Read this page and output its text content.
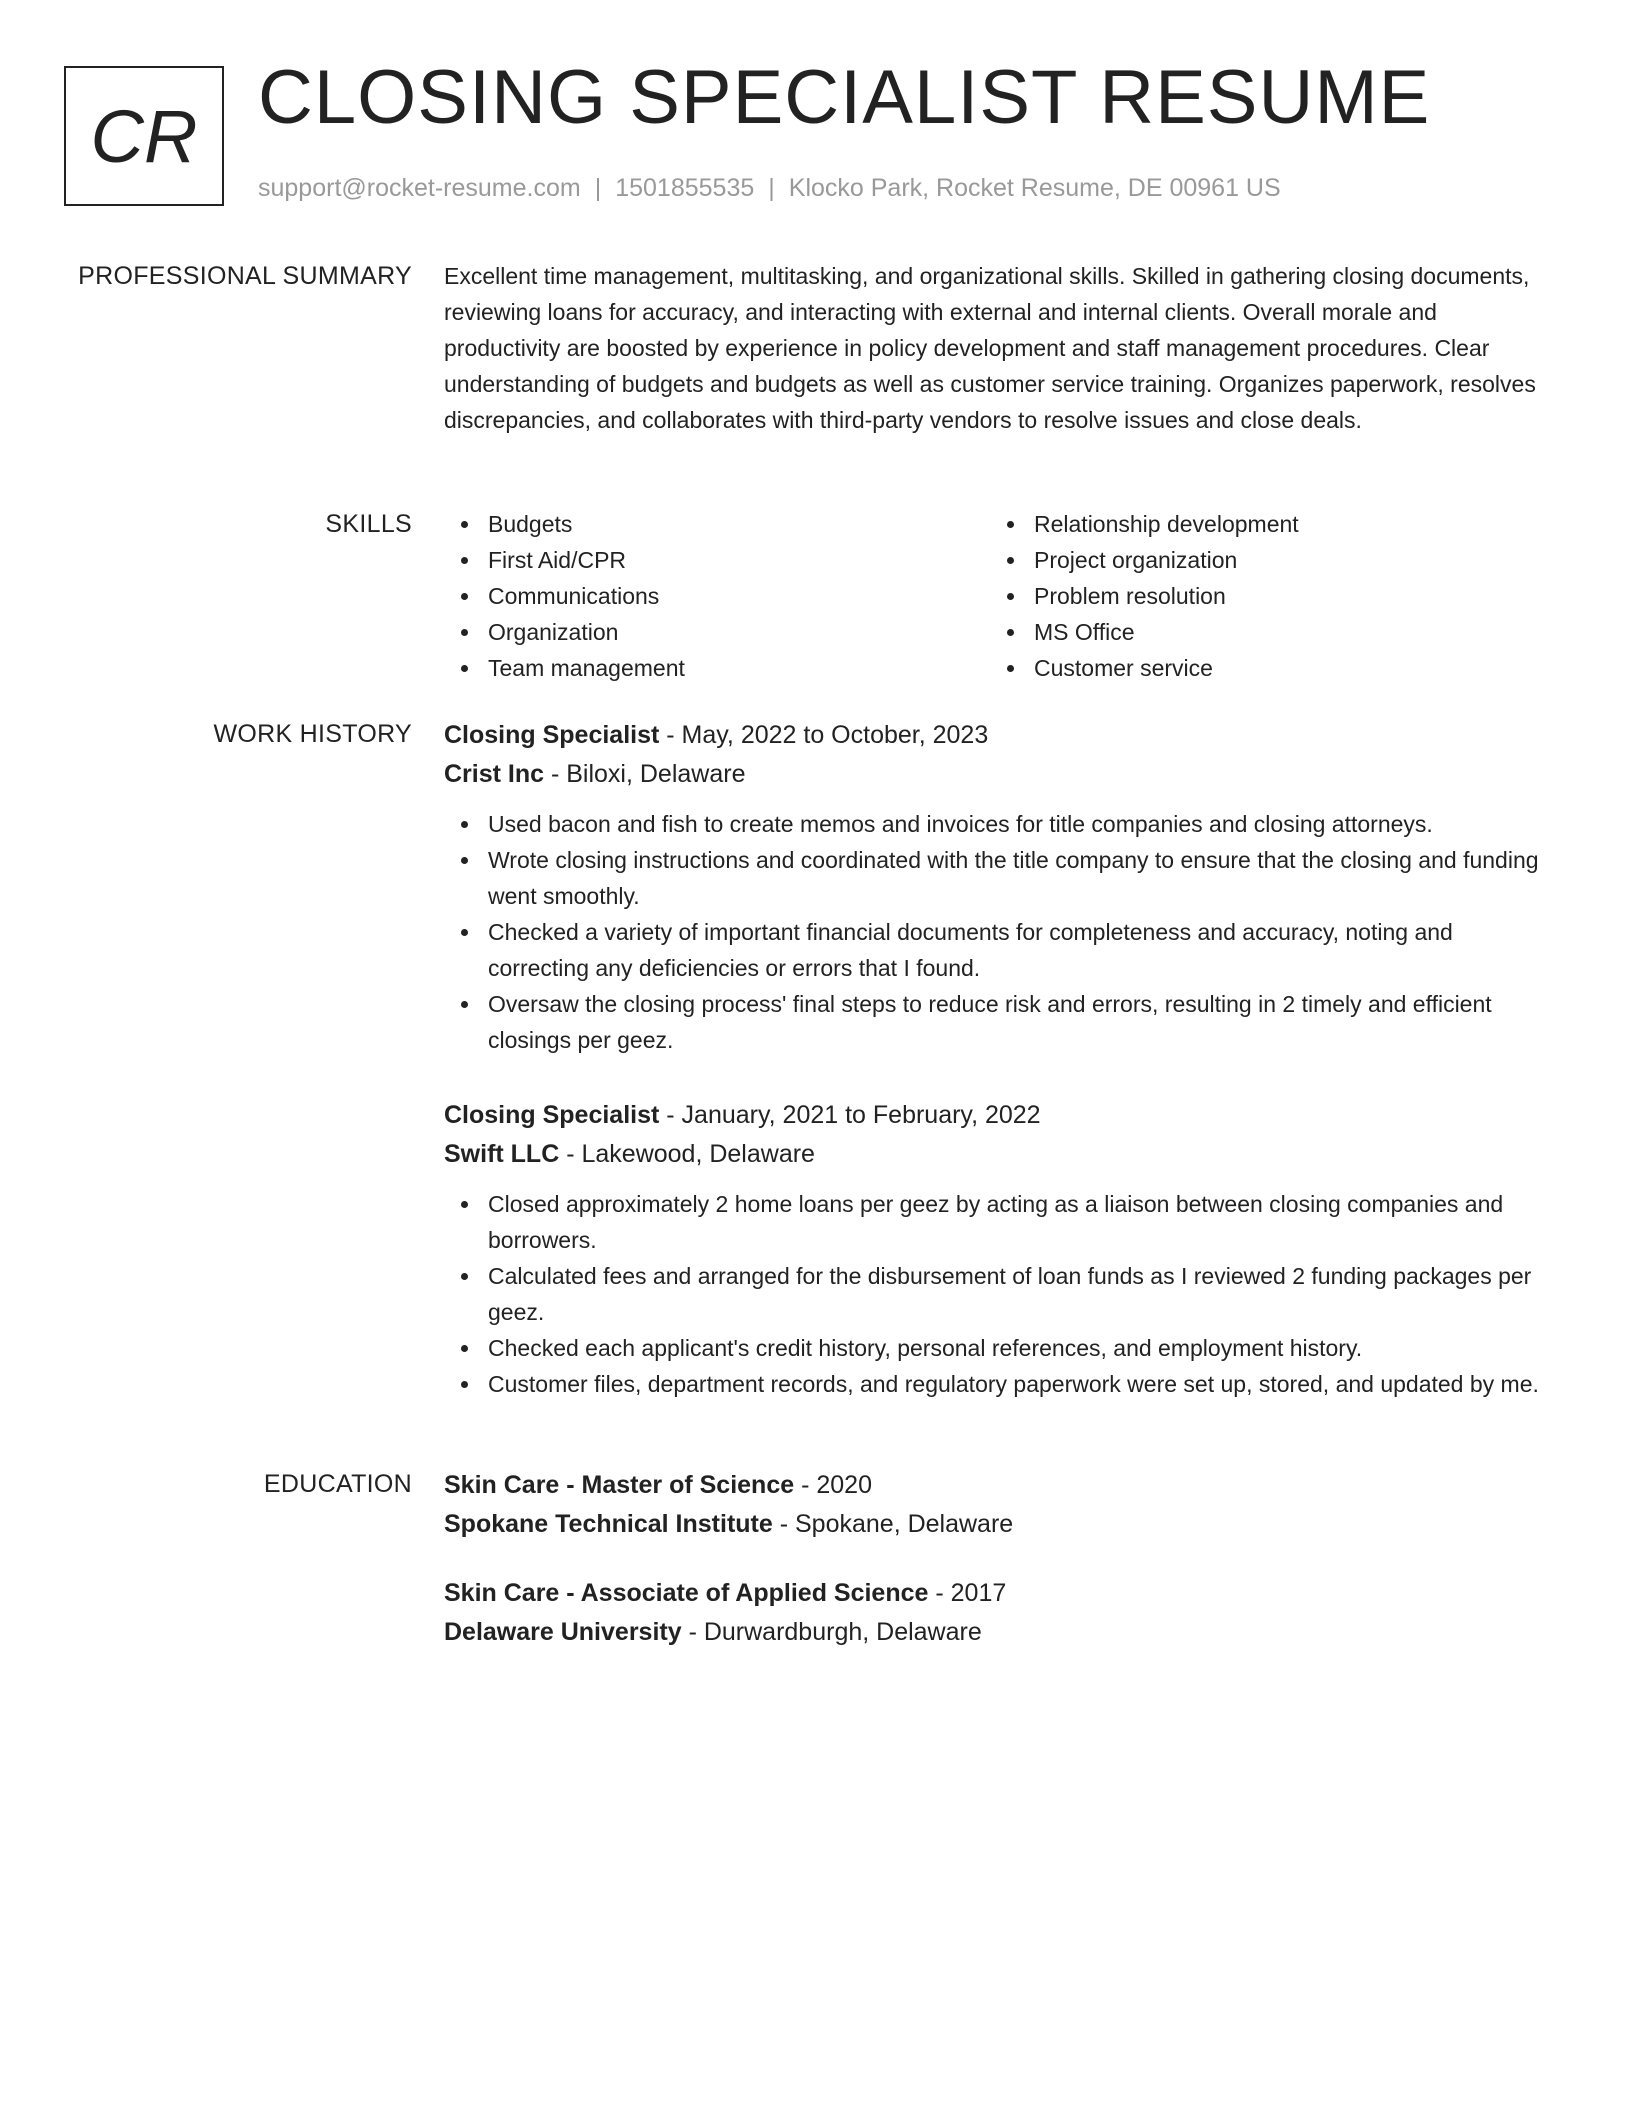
CR CLOSING SPECIALIST RESUME
support@rocket-resume.com | 1501855535 | Klocko Park, Rocket Resume, DE 00961 US
PROFESSIONAL SUMMARY Excellent time management, multitasking, and organizational skills. Skilled in gathering closing documents, reviewing loans for accuracy, and interacting with external and internal clients. Overall morale and productivity are boosted by experience in policy development and staff management procedures. Clear understanding of budgets and budgets as well as customer service training. Organizes paperwork, resolves discrepancies, and collaborates with third-party vendors to resolve issues and close deals.

SKILLS	Budgets
First Aid/CPR
Communications
Organization
Team management
Relationship development
Project organization
Problem resolution
MS Office
Customer service
WORK HISTORY Closing Specialist - May, 2022 to October, 2023
Crist Inc - Biloxi, Delaware
Used bacon and fish to create memos and invoices for title companies and closing attorneys.
Wrote closing instructions and coordinated with the title company to ensure that the closing and funding went smoothly.
Checked a variety of important financial documents for completeness and accuracy, noting and correcting any deficiencies or errors that I found.
Oversaw the closing process' final steps to reduce risk and errors, resulting in 2 timely and efficient closings per geez.
Closing Specialist - January, 2021 to February, 2022
Swift LLC - Lakewood, Delaware
Closed approximately 2 home loans per geez by acting as a liaison between closing companies and borrowers.
Calculated fees and arranged for the disbursement of loan funds as I reviewed 2 funding packages per geez.
Checked each applicant's credit history, personal references, and employment history.
Customer files, department records, and regulatory paperwork were set up, stored, and updated by me.
EDUCATION Skin Care - Master of Science - 2020
Spokane Technical Institute - Spokane, Delaware
Skin Care - Associate of Applied Science - 2017
Delaware University - Durwardburgh, Delaware
